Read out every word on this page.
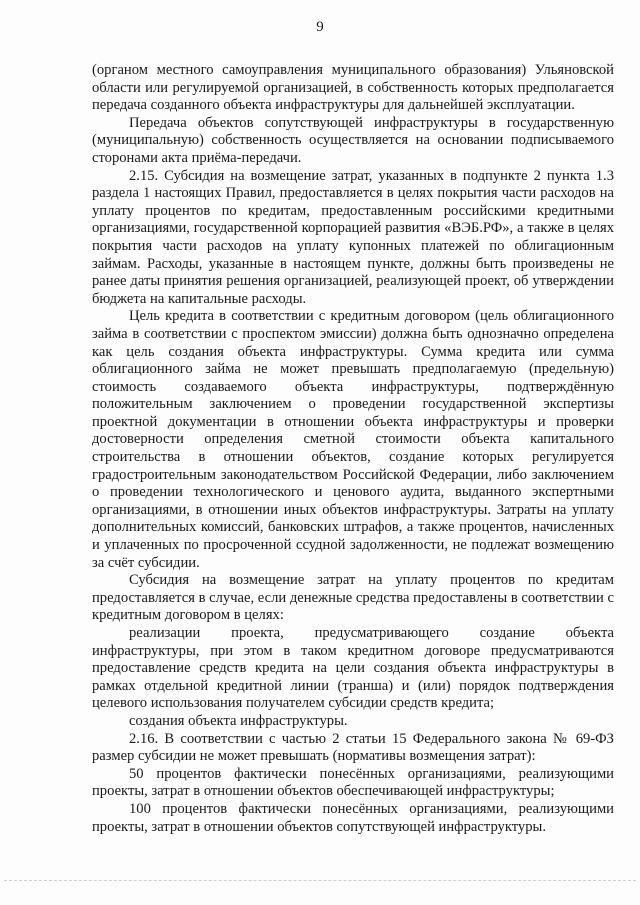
9

(органом местного самоуправления муниципального образования) Ульяновской области или регулируемой организацией, в собственность которых предполагается передача созданного объекта инфраструктуры для дальнейшей эксплуатации.

Передача объектов сопутствующей инфраструктуры в государственную (муниципальную) собственность осуществляется на основании подписываемого сторонами акта приёма-передачи.

2.15. Субсидия на возмещение затрат, указанных в подпункте 2 пункта 1.3 раздела 1 настоящих Правил, предоставляется в целях покрытия части расходов на уплату процентов по кредитам, предоставленным российскими кредитными организациями, государственной корпорацией развития «ВЭБ.РФ», а также в целях покрытия части расходов на уплату купонных платежей по облигационным займам. Расходы, указанные в настоящем пункте, должны быть произведены не ранее даты принятия решения организацией, реализующей проект, об утверждении бюджета на капитальные расходы.

Цель кредита в соответствии с кредитным договором (цель облигационного займа в соответствии с проспектом эмиссии) должна быть однозначно определена как цель создания объекта инфраструктуры. Сумма кредита или сумма облигационного займа не может превышать предполагаемую (предельную) стоимость создаваемого объекта инфраструктуры, подтверждённую положительным заключением о проведении государственной экспертизы проектной документации в отношении объекта инфраструктуры и проверки достоверности определения сметной стоимости объекта капитального строительства в отношении объектов, создание которых регулируется градостроительным законодательством Российской Федерации, либо заключением о проведении технологического и ценового аудита, выданного экспертными организациями, в отношении иных объектов инфраструктуры. Затраты на уплату дополнительных комиссий, банковских штрафов, а также процентов, начисленных и уплаченных по просроченной ссудной задолженности, не подлежат возмещению за счёт субсидии.

Субсидия на возмещение затрат на уплату процентов по кредитам предоставляется в случае, если денежные средства предоставлены в соответствии с кредитным договором в целях:

реализации проекта, предусматривающего создание объекта инфраструктуры, при этом в таком кредитном договоре предусматриваются предоставление средств кредита на цели создания объекта инфраструктуры в рамках отдельной кредитной линии (транша) и (или) порядок подтверждения целевого использования получателем субсидии средств кредита;

создания объекта инфраструктуры.

2.16. В соответствии с частью 2 статьи 15 Федерального закона № 69-ФЗ размер субсидии не может превышать (нормативы возмещения затрат):

50 процентов фактически понесённых организациями, реализующими проекты, затрат в отношении объектов обеспечивающей инфраструктуры;

100 процентов фактически понесённых организациями, реализующими проекты, затрат в отношении объектов сопутствующей инфраструктуры.
